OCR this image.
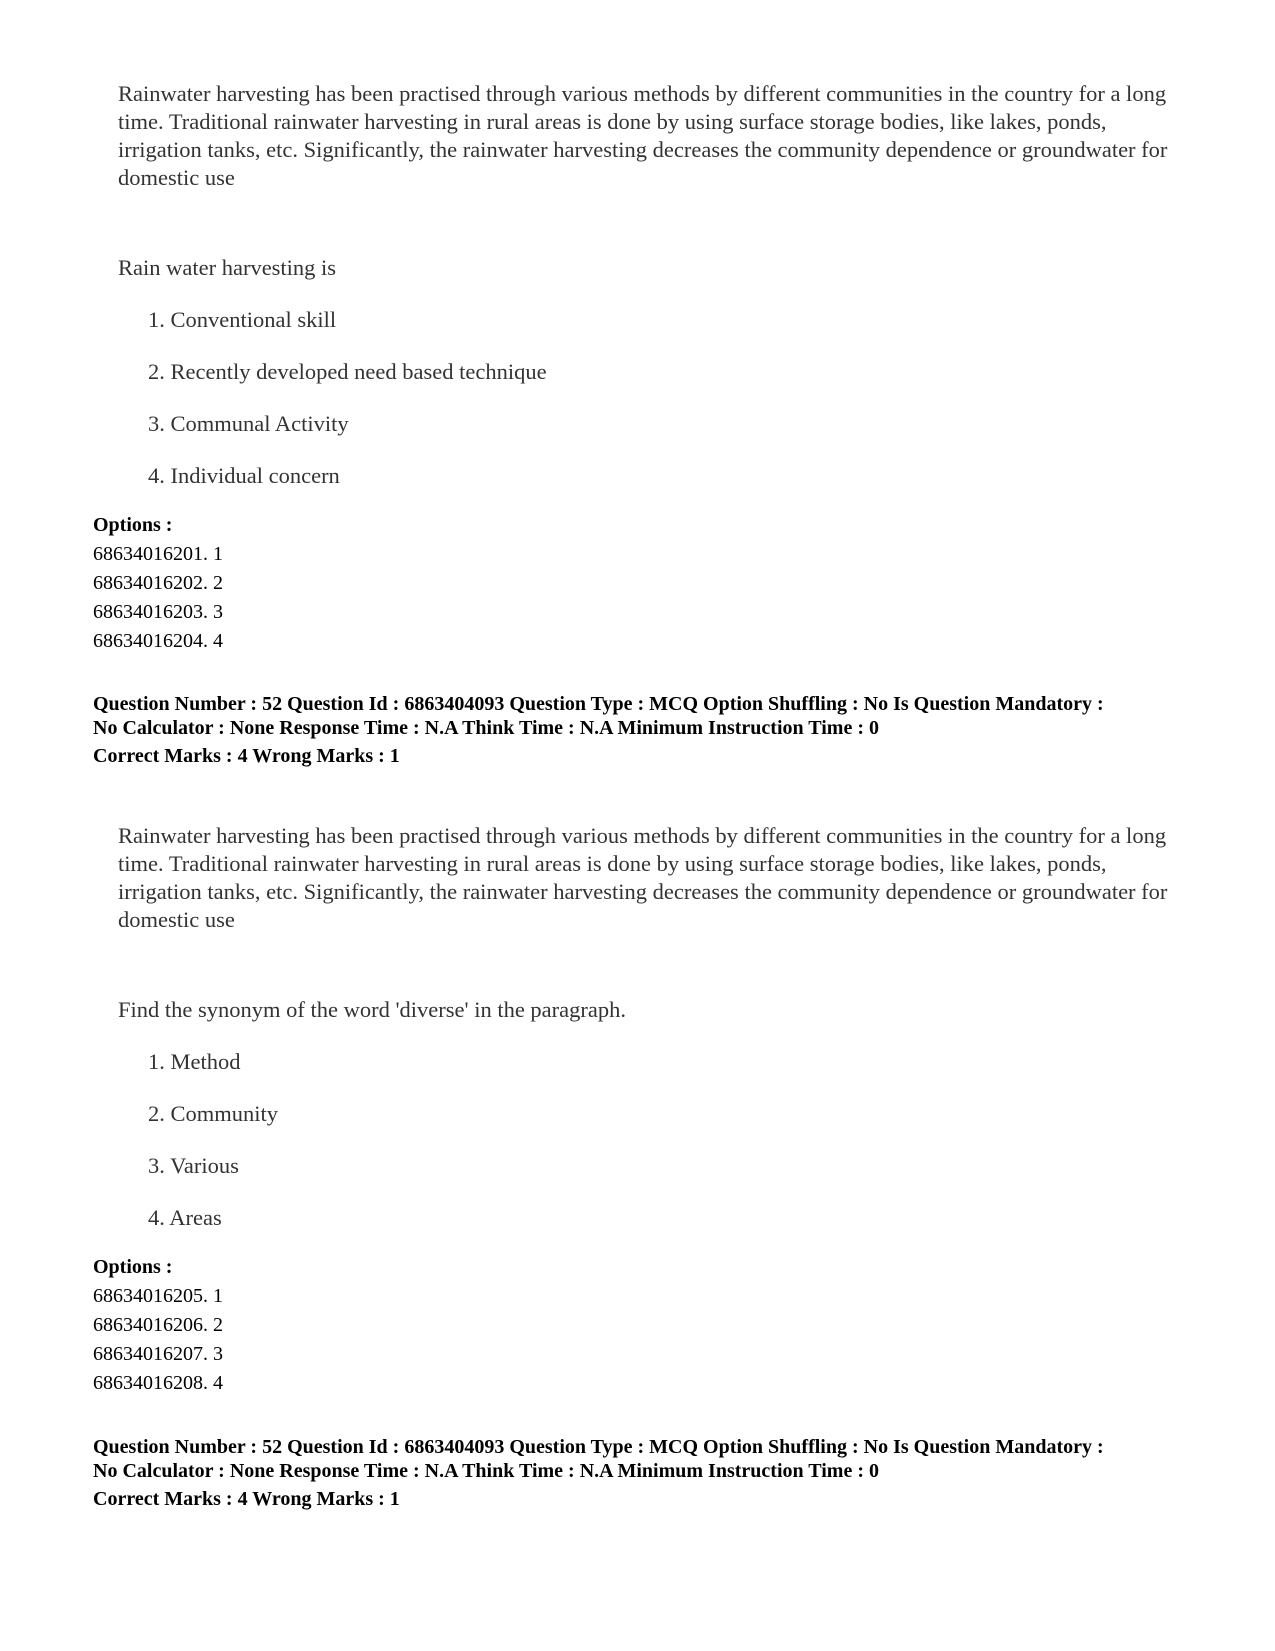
Rainwater harvesting has been practised through various methods by different communities in the country for a long time. Traditional rainwater harvesting in rural areas is done by using surface storage bodies, like lakes, ponds, irrigation tanks, etc. Significantly, the rainwater harvesting decreases the community dependence or groundwater for domestic use

Rain water harvesting is

1. Conventional skill

2. Recently developed need based technique

3. Communal Activity

4. Individual concern

Options :

68634016201. 1

68634016202. 2

68634016203. 3

68634016204. 4

Question Number : 52 Question Id : 6863404093 Question Type : MCQ Option Shuffling : No Is Question Mandatory :
No Calculator : None Response Time : N.A Think Time : N.A Minimum Instruction Time : 0
Correct Marks : 4 Wrong Marks : 1

Rainwater harvesting has been practised through various methods by different communities in the country for a long time. Traditional rainwater harvesting in rural areas is done by using surface storage bodies, like lakes, ponds, irrigation tanks, etc. Significantly, the rainwater harvesting decreases the community dependence or groundwater for domestic use

Find the synonym of the word 'diverse' in the paragraph.

1. Method

2. Community

3. Various

4. Areas

Options :

68634016205. 1

68634016206. 2

68634016207. 3

68634016208. 4

Question Number : 52 Question Id : 6863404093 Question Type : MCQ Option Shuffling : No Is Question Mandatory :
No Calculator : None Response Time : N.A Think Time : N.A Minimum Instruction Time : 0
Correct Marks : 4 Wrong Marks : 1
